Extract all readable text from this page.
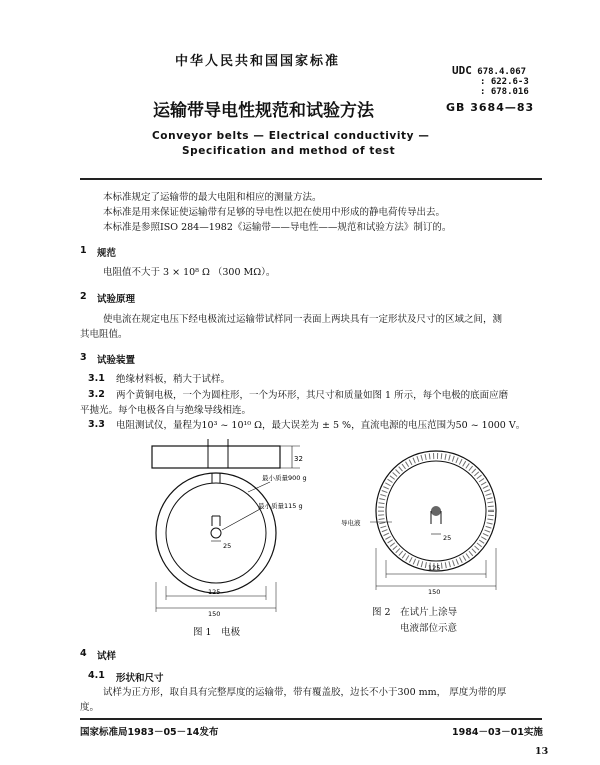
中华人民共和国国家标准
UDC 678.4.067
: 622.6-3
: 678.016
运输带导电性规范和试验方法	GB 3684—83
Conveyor belts — Electrical conductivity —
Specification and method of test
本标准规定了运输带的最大电阻和相应的测量方法。
本标准是用来保证使运输带有足够的导电性以把在使用中形成的静电荷传导出去。
本标准是参照ISO 284—1982《运输带——导电性——规范和试验方法》制订的。
1 规范
电阻值不大于 3 × 10⁸ Ω （300 MΩ）。
2 试验原理
使电流在规定电压下经电极流过运输带试样同一表面上两块具有一定形状及尺寸的区域之间，测
其电阻值。
3 试验装置
3.1 绝缘材料板，稍大于试样。
3.2 两个黄铜电极，一个为圆柱形，一个为环形，其尺寸和质量如图 1 所示，每个电极的底面应磨
平抛光。每个电极各自与绝缘导线相连。
3.3 电阻测试仪，量程为10³ ~ 10¹⁰ Ω，最大误差为 ± 5 %，直流电源的电压范围为50 ~ 1000 V。
32
最小质量900 g
最小质量115 g
25
125
150
图 1　电极
导电液
25
125
150
图 2　在试片上涂导
电液部位示意
4 试样
4.1 形状和尺寸
试样为正方形，取自具有完整厚度的运输带，带有覆盖胶，边长不小于300 mm， 厚度为带的厚
度。
国家标准局1983－05－14发布	1984－03－01实施
13
